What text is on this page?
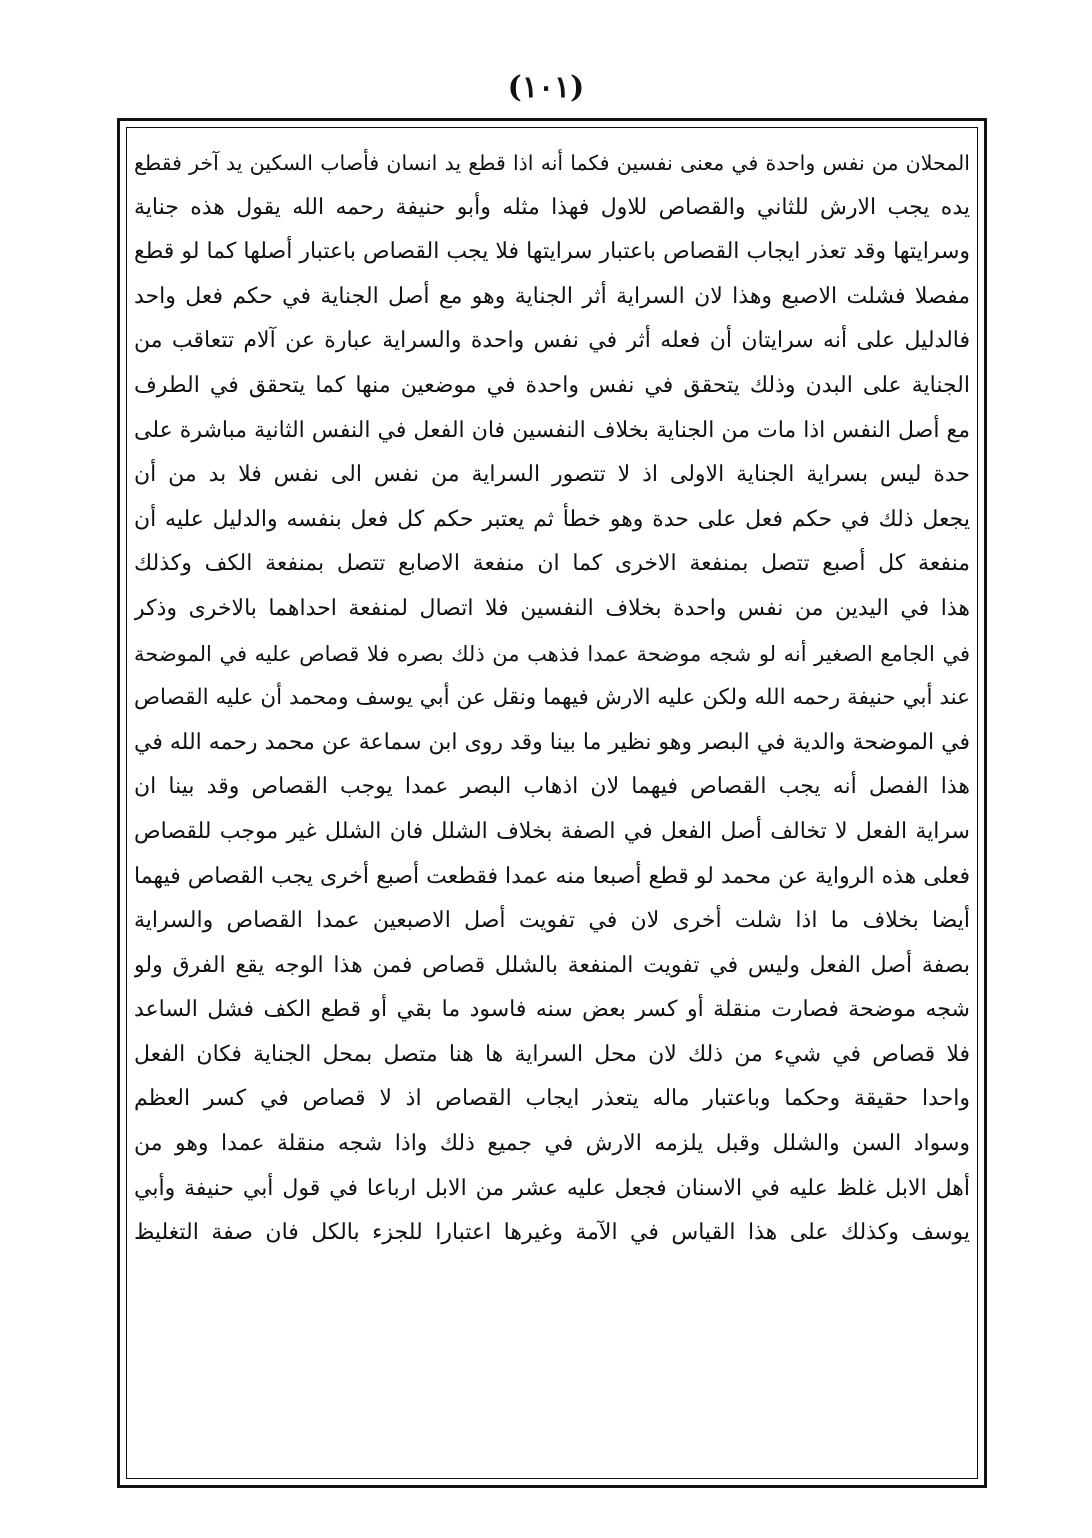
(١٠١)
المحلان من نفس واحدة في معنى نفسين فكما أنه اذا قطع يد انسان فأصاب السكين يد آخر فقطع
يده يجب الارش للثاني والقصاص للاول فهذا مثله وأبو حنيفة رحمه الله يقول هذه جناية
وسرايتها وقد تعذر ايجاب القصاص باعتبار سرايتها فلا يجب القصاص باعتبار أصلها كما لو قطع
مفصلا فشلت الاصبع وهذا لان السراية أثر الجناية وهو مع أصل الجناية في حكم فعل واحد
فالدليل على أنه سرايتان أن فعله أثر في نفس واحدة والسراية عبارة عن آلام تتعاقب من
الجناية على البدن وذلك يتحقق في نفس واحدة في موضعين منها كما يتحقق في الطرف
مع أصل النفس اذا مات من الجناية بخلاف النفسين فان الفعل في النفس الثانية مباشرة على
حدة ليس بسراية الجناية الاولى اذ لا تتصور السراية من نفس الى نفس فلا بد من أن
يجعل ذلك في حكم فعل على حدة وهو خطأ ثم يعتبر حكم كل فعل بنفسه والدليل عليه أن
منفعة كل أصبع تتصل بمنفعة الاخرى كما ان منفعة الاصابع تتصل بمنفعة الكف وكذلك
هذا في اليدين من نفس واحدة بخلاف النفسين فلا اتصال لمنفعة احداهما بالاخرى وذكر
في الجامع الصغير أنه لو شجه موضحة عمدا فذهب من ذلك بصره فلا قصاص عليه في الموضحة
عند أبي حنيفة رحمه الله ولكن عليه الارش فيهما ونقل عن أبي يوسف ومحمد أن عليه القصاص
في الموضحة والدية في البصر وهو نظير ما بينا وقد روى ابن سماعة عن محمد رحمه الله في
هذا الفصل أنه يجب القصاص فيهما لان اذهاب البصر عمدا يوجب القصاص وقد بينا ان
سراية الفعل لا تخالف أصل الفعل في الصفة بخلاف الشلل فان الشلل غير موجب للقصاص
فعلى هذه الرواية عن محمد لو قطع أصبعا منه عمدا فقطعت أصبع أخرى يجب القصاص فيهما
أيضا بخلاف ما اذا شلت أخرى لان في تفويت أصل الاصبعين عمدا القصاص والسراية
بصفة أصل الفعل وليس في تفويت المنفعة بالشلل قصاص فمن هذا الوجه يقع الفرق ولو
شجه موضحة فصارت منقلة أو كسر بعض سنه فاسود ما بقي أو قطع الكف فشل الساعد
فلا قصاص في شيء من ذلك لان محل السراية ها هنا متصل بمحل الجناية فكان الفعل
واحدا حقيقة وحكما وباعتبار ماله يتعذر ايجاب القصاص اذ لا قصاص في كسر العظم
وسواد السن والشلل وقبل يلزمه الارش في جميع ذلك واذا شجه منقلة عمدا وهو من
أهل الابل غلظ عليه في الاسنان فجعل عليه عشر من الابل ارباعا في قول أبي حنيفة وأبي
يوسف وكذلك على هذا القياس في الآمة وغيرها اعتبارا للجزء بالكل فان صفة التغليظ
